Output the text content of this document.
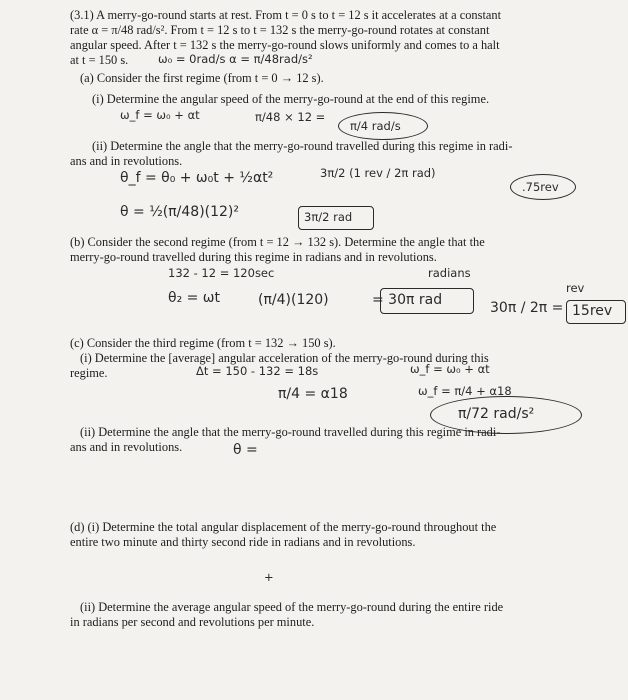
(3.1) A merry-go-round starts at rest. From t = 0 s to t = 12 s it accelerates at a constant
rate α = π/48 rad/s². From t = 12 s to t = 132 s the merry-go-round rotates at constant
angular speed. After t = 132 s the merry-go-round slows uniformly and comes to a halt
at t = 150 s.	ω₀ = 0rad/s α = π/48rad/s²
(a) Consider the first regime (from t = 0 → 12 s).
(i) Determine the angular speed of the merry-go-round at the end of this regime.
ω_f = ω₀ + αt	π/48 × 12 =
π/4 rad/s
(ii) Determine the angle that the merry-go-round travelled during this regime in radi-
ans and in revolutions.
θ_f = θ₀ + ω₀t + ½αt²	3π/2 (1 rev / 2π rad)
.75rev
θ = ½(π/48)(12)²	3π/2 rad
(b) Consider the second regime (from t = 12 → 132 s). Determine the angle that the
merry-go-round travelled during this regime in radians and in revolutions.
132 - 12 = 120sec	radians
rev
θ₂ = ωt	(π/4)(120)	= 30π rad	30π / 2π = 15rev
(c) Consider the third regime (from t = 132 → 150 s).
(i) Determine the [average] angular acceleration of the merry-go-round during this
regime.	Δt = 150 - 132 = 18s	ω_f = ω₀ + αt
π/4 = α18	ω_f = π/4 + α18
π/72 rad/s²
(ii) Determine the angle that the merry-go-round travelled during this regime in radi-
ans and in revolutions.	θ =
(d) (i) Determine the total angular displacement of the merry-go-round throughout the
entire two minute and thirty second ride in radians and in revolutions.
+
(ii) Determine the average angular speed of the merry-go-round during the entire ride
in radians per second and revolutions per minute.
